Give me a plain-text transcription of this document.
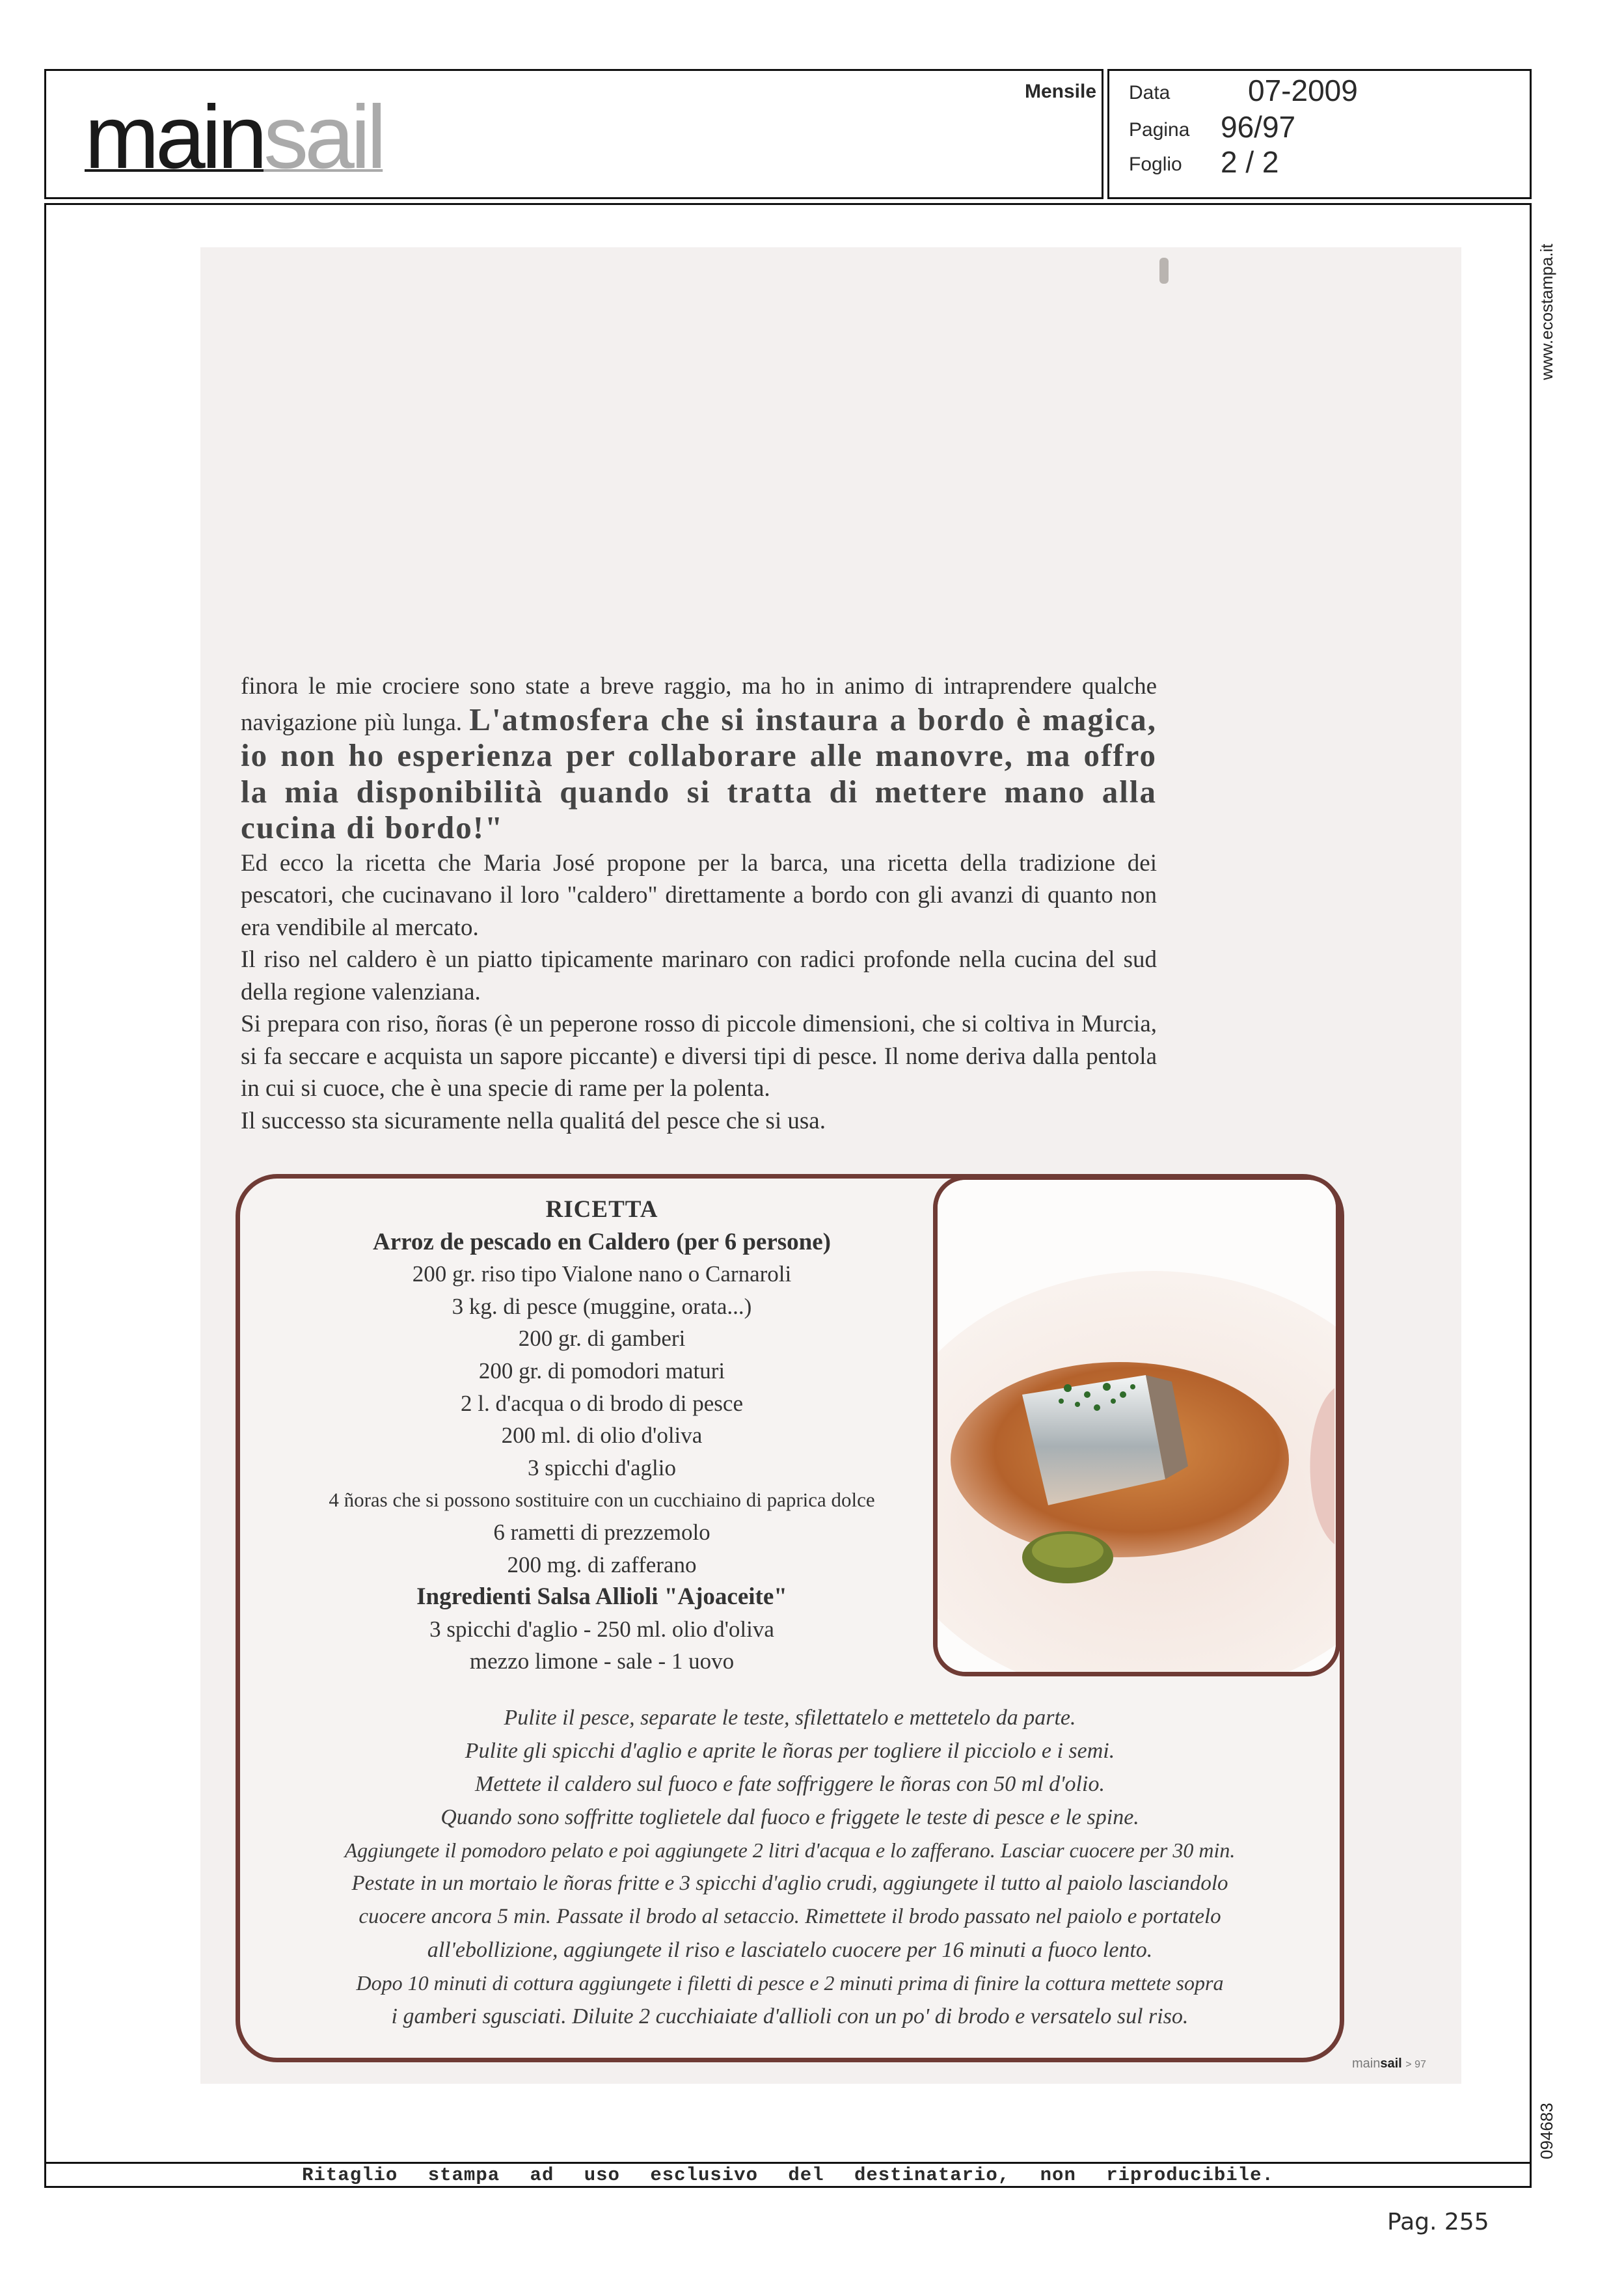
mainsail	Mensile Data	07-2009
Pagina 96/97
Foglio 2 / 2
www.ecostampa.it
094683

finora le mie crociere sono state a breve raggio, ma ho in animo di intraprendere qualche navigazione più lunga. L'atmosfera che si instaura a bordo è magica, io non ho esperienza per collaborare alle manovre, ma offro la mia disponibilità quando si tratta di mettere mano alla cucina di bordo!"

Ed ecco la ricetta che Maria José propone per la barca, una ricetta della tradizione dei pescatori, che cucinavano il loro "caldero" direttamente a bordo con gli avanzi di quanto non era vendibile al mercato.

Il riso nel caldero è un piatto tipicamente marinaro con radici profonde nella cucina del sud della regione valenziana.

Si prepara con riso, ñoras (è un peperone rosso di piccole dimensioni, che si coltiva in Murcia, si fa seccare e acquista un sapore piccante) e diversi tipi di pesce. Il nome deriva dalla pentola in cui si cuoce, che è una specie di rame per la polenta.

Il successo sta sicuramente nella qualitá del pesce che si usa.

RICETTA
Arroz de pescado en Caldero (per 6 persone)
200 gr. riso tipo Vialone nano o Carnaroli
3 kg. di pesce (muggine, orata...)
200 gr. di gamberi
200 gr. di pomodori maturi
2 l. d'acqua o di brodo di pesce
200 ml. di olio d'oliva
3 spicchi d'aglio
4 ñoras che si possono sostituire con un cucchiaino di paprica dolce
6 rametti di prezzemolo
200 mg. di zafferano
Ingredienti Salsa Allioli "Ajoaceite"
3 spicchi d'aglio - 250 ml. olio d'oliva
mezzo limone - sale - 1 uovo
Pulite il pesce, separate le teste, sfilettatelo e mettetelo da parte.
Pulite gli spicchi d'aglio e aprite le ñoras per togliere il picciolo e i semi.
Mettete il caldero sul fuoco e fate soffriggere le ñoras con 50 ml d'olio.
Quando sono soffritte toglietele dal fuoco e friggete le teste di pesce e le spine.
Aggiungete il pomodoro pelato e poi aggiungete 2 litri d'acqua e lo zafferano. Lasciar cuocere per 30 min.
Pestate in un mortaio le ñoras fritte e 3 spicchi d'aglio crudi, aggiungete il tutto al paiolo lasciandolo
cuocere ancora 5 min. Passate il brodo al setaccio. Rimettete il brodo passato nel paiolo e portatelo
all'ebollizione, aggiungete il riso e lasciatelo cuocere per 16 minuti a fuoco lento.
Dopo 10 minuti di cottura aggiungete i filetti di pesce e 2 minuti prima di finire la cottura mettete sopra
i gamberi sgusciati. Diluite 2 cucchiaiate d'allioli con un po' di brodo e versatelo sul riso.
mainsail > 97
Ritaglio stampa ad uso esclusivo del destinatario, non riproducibile.
Pag. 255
